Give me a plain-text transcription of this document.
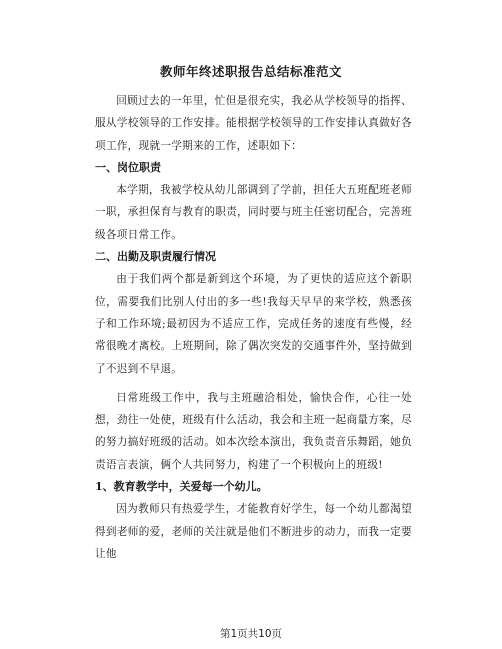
教师年终述职报告总结标准范文

回顾过去的一年里，忙但是很充实，我必从学校领导的指挥、服从学校领导的工作安排。能根据学校领导的工作安排认真做好各项工作，现就一学期来的工作，述职如下：

一、岗位职责

本学期，我被学校从幼儿部调到了学前，担任大五班配班老师一职，承担保育与教育的职责，同时要与班主任密切配合，完善班级各项日常工作。

二、出勤及职责履行情况

由于我们两个都是新到这个环境，为了更快的适应这个新职位，需要我们比别人付出的多一些!我每天早早的来学校，熟悉孩子和工作环境;最初因为不适应工作，完成任务的速度有些慢，经常很晚才离校。上班期间，除了偶次突发的交通事件外，坚持做到了不迟到不早退。

日常班级工作中，我与主班融洽相处，愉快合作，心往一处想，劲往一处使，班级有什么活动，我会和主班一起商量方案，尽的努力搞好班级的活动。如本次绘本演出，我负责音乐舞蹈，她负责语言表演，俩个人共同努力，构建了一个积极向上的班级!

1、教育教学中，关爱每一个幼儿。

因为教师只有热爱学生，才能教育好学生，每一个幼儿都渴望得到老师的爱，老师的关注就是他们不断进步的动力，而我一定要让他

第1页共10页
